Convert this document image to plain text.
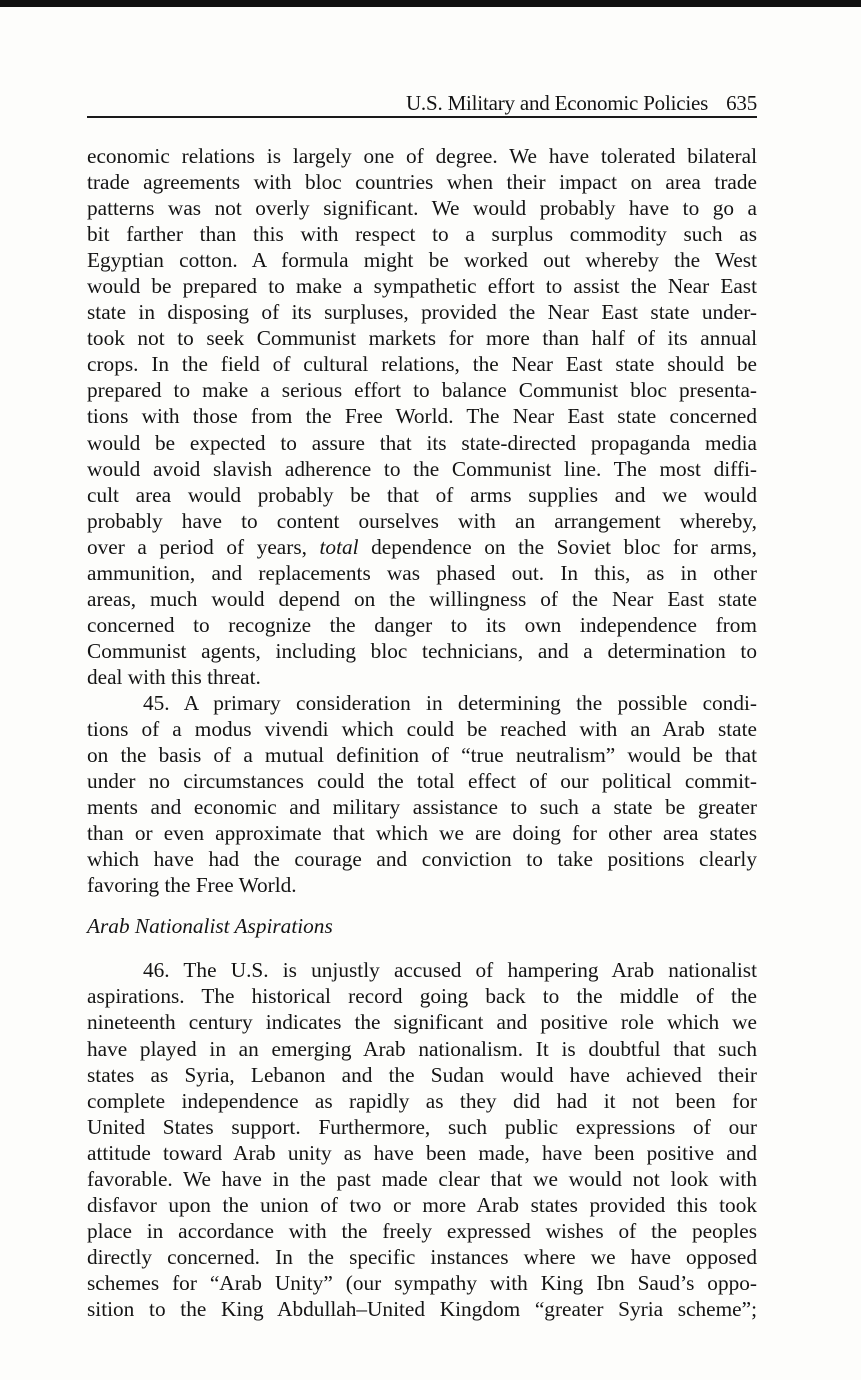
U.S. Military and Economic Policies 635
economic relations is largely one of degree. We have tolerated bilateral
trade agreements with bloc countries when their impact on area trade
patterns was not overly significant. We would probably have to go a
bit farther than this with respect to a surplus commodity such as
Egyptian cotton. A formula might be worked out whereby the West
would be prepared to make a sympathetic effort to assist the Near East
state in disposing of its surpluses, provided the Near East state under-
took not to seek Communist markets for more than half of its annual
crops. In the field of cultural relations, the Near East state should be
prepared to make a serious effort to balance Communist bloc presenta-
tions with those from the Free World. The Near East state concerned
would be expected to assure that its state-directed propaganda media
would avoid slavish adherence to the Communist line. The most diffi-
cult area would probably be that of arms supplies and we would
probably have to content ourselves with an arrangement whereby,
over a period of years, total dependence on the Soviet bloc for arms,
ammunition, and replacements was phased out. In this, as in other
areas, much would depend on the willingness of the Near East state
concerned to recognize the danger to its own independence from
Communist agents, including bloc technicians, and a determination to
deal with this threat.
45. A primary consideration in determining the possible condi-
tions of a modus vivendi which could be reached with an Arab state
on the basis of a mutual definition of “true neutralism” would be that
under no circumstances could the total effect of our political commit-
ments and economic and military assistance to such a state be greater
than or even approximate that which we are doing for other area states
which have had the courage and conviction to take positions clearly
favoring the Free World.
Arab Nationalist Aspirations
46. The U.S. is unjustly accused of hampering Arab nationalist
aspirations. The historical record going back to the middle of the
nineteenth century indicates the significant and positive role which we
have played in an emerging Arab nationalism. It is doubtful that such
states as Syria, Lebanon and the Sudan would have achieved their
complete independence as rapidly as they did had it not been for
United States support. Furthermore, such public expressions of our
attitude toward Arab unity as have been made, have been positive and
favorable. We have in the past made clear that we would not look with
disfavor upon the union of two or more Arab states provided this took
place in accordance with the freely expressed wishes of the peoples
directly concerned. In the specific instances where we have opposed
schemes for “Arab Unity” (our sympathy with King Ibn Saud’s oppo-
sition to the King Abdullah–United Kingdom “greater Syria scheme”;
